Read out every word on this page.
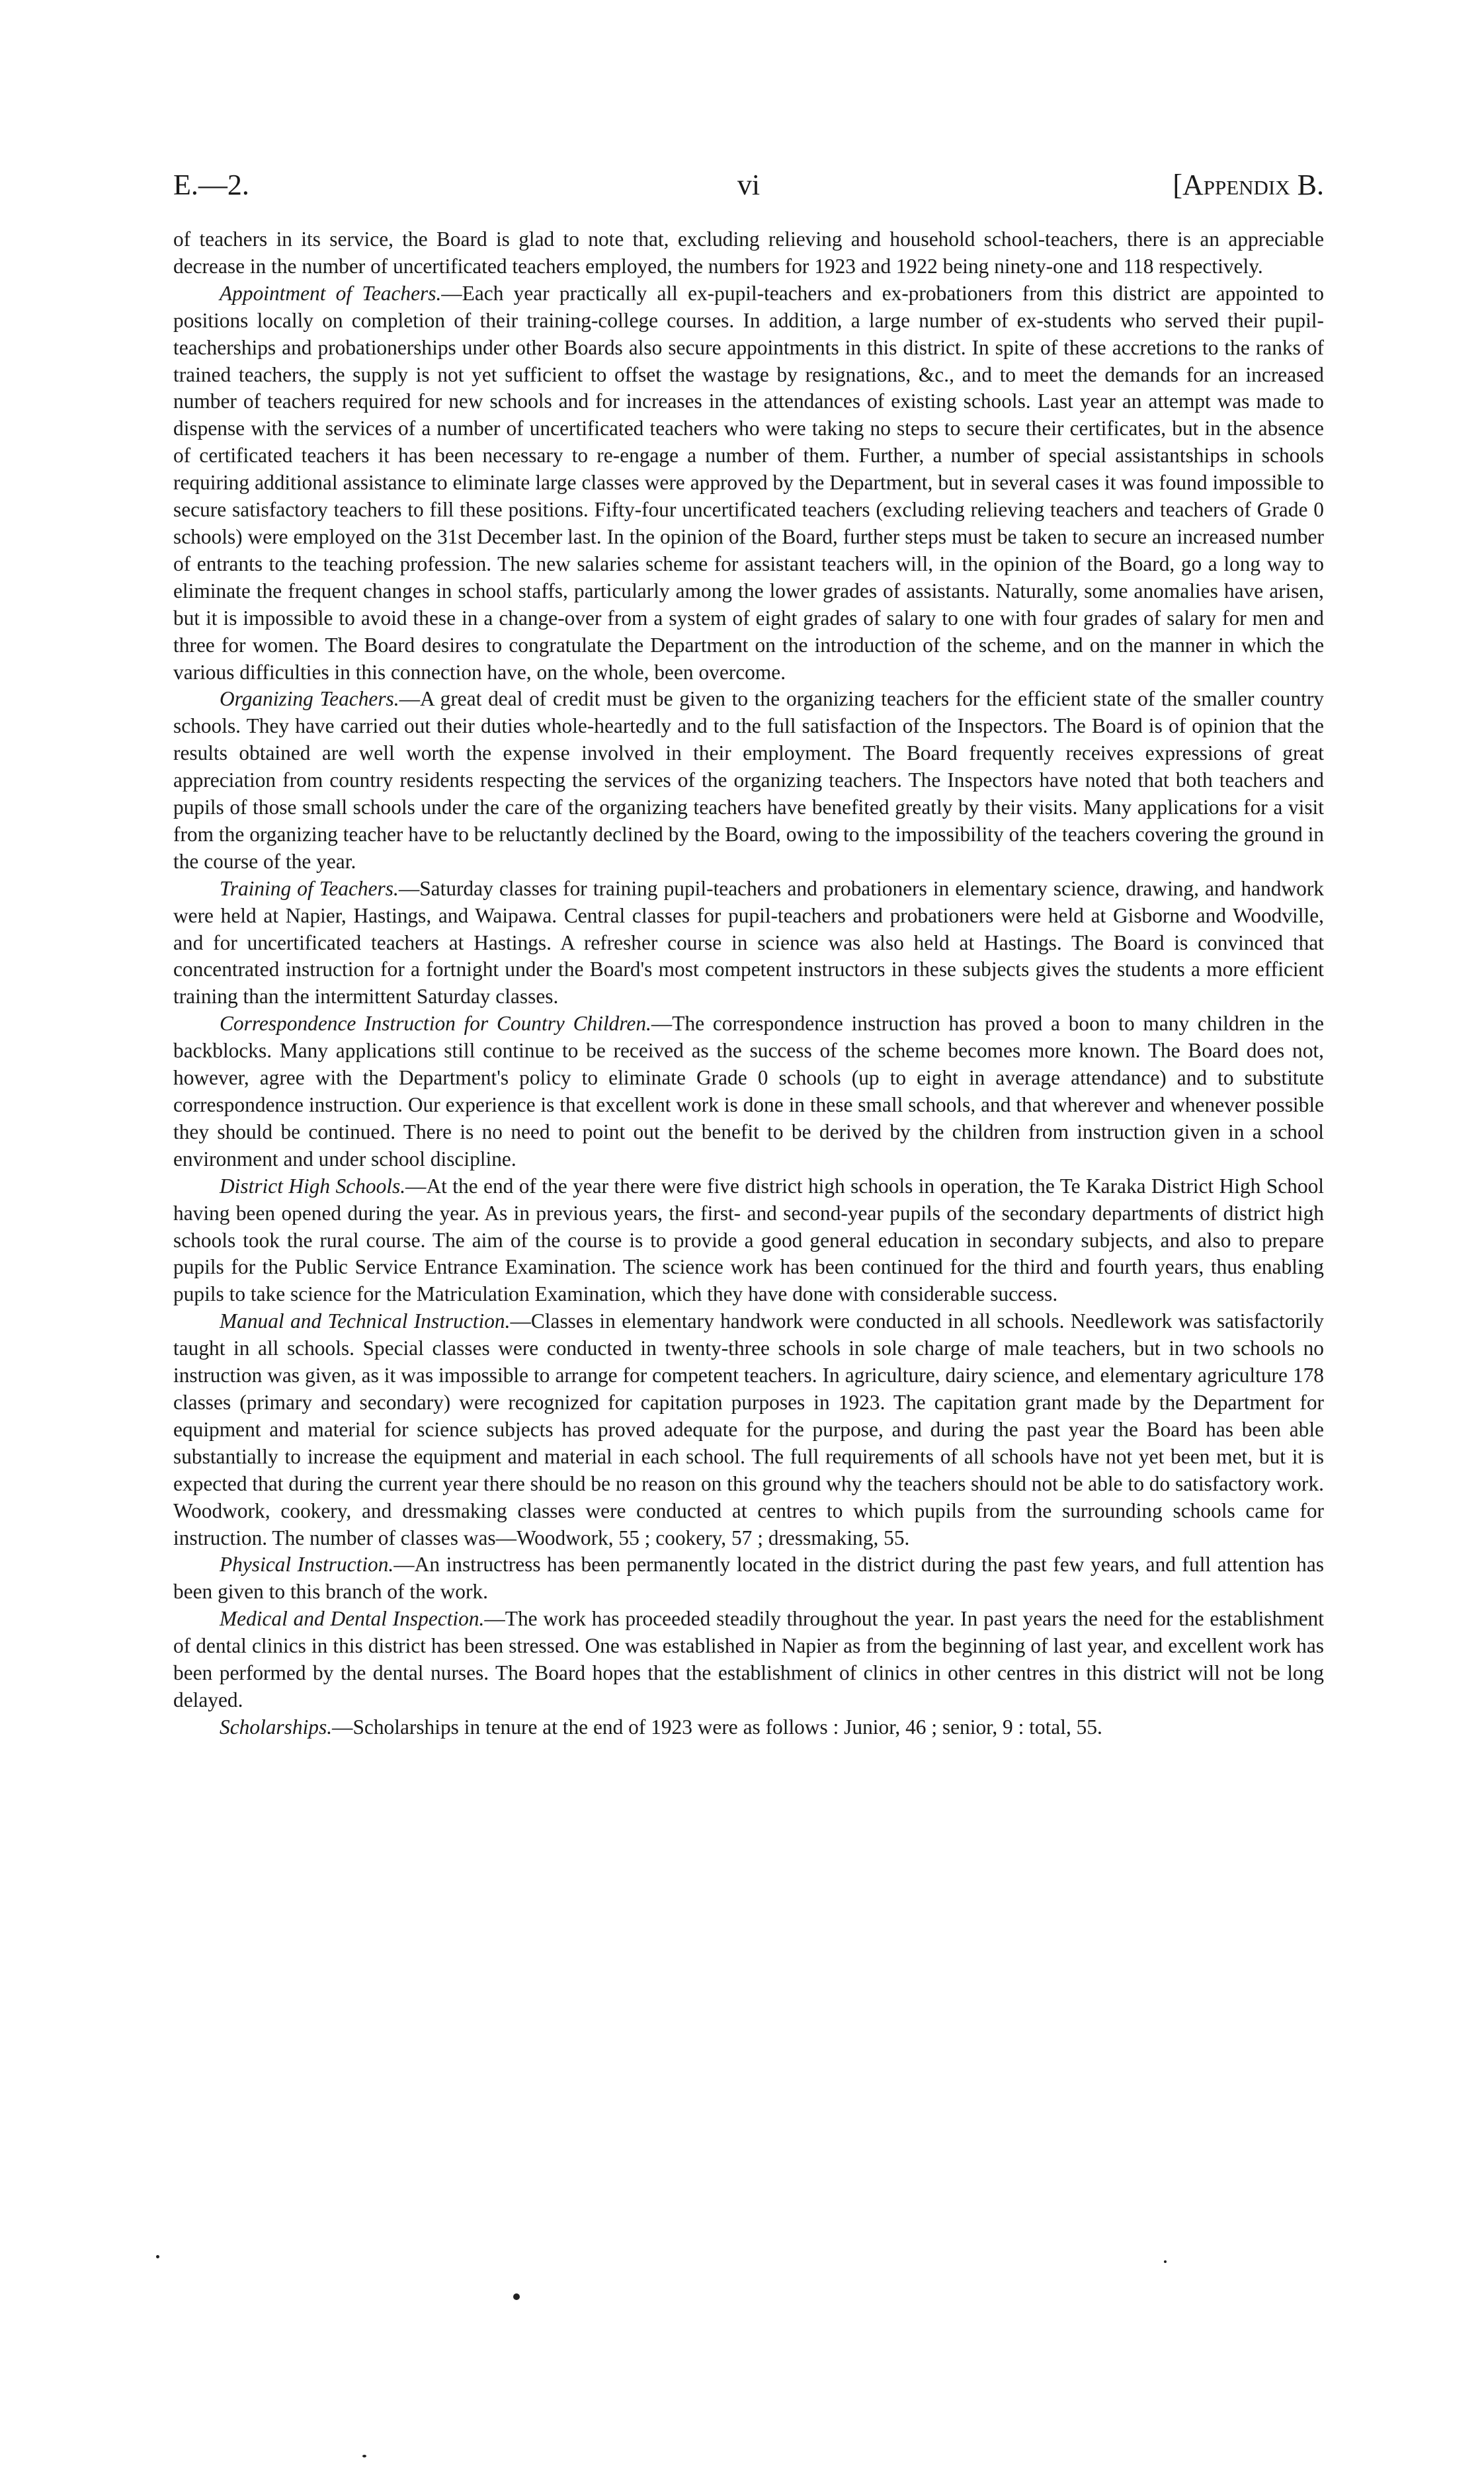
E.—2.	vi	[Appendix B.

of teachers in its service, the Board is glad to note that, excluding relieving and household school-teachers, there is an appreciable decrease in the number of uncertificated teachers employed, the numbers for 1923 and 1922 being ninety-one and 118 respectively.

Appointment of Teachers.—Each year practically all ex-pupil-teachers and ex-probationers from this district are appointed to positions locally on completion of their training-college courses. In addition, a large number of ex-students who served their pupil-teacherships and probationerships under other Boards also secure appointments in this district. In spite of these accretions to the ranks of trained teachers, the supply is not yet sufficient to offset the wastage by resignations, &c., and to meet the demands for an increased number of teachers required for new schools and for increases in the attendances of existing schools. Last year an attempt was made to dispense with the services of a number of uncertificated teachers who were taking no steps to secure their certificates, but in the absence of certificated teachers it has been necessary to re-engage a number of them. Further, a number of special assistantships in schools requiring additional assistance to eliminate large classes were approved by the Department, but in several cases it was found impossible to secure satisfactory teachers to fill these positions. Fifty-four uncertificated teachers (excluding relieving teachers and teachers of Grade 0 schools) were employed on the 31st December last. In the opinion of the Board, further steps must be taken to secure an increased number of entrants to the teaching profession. The new salaries scheme for assistant teachers will, in the opinion of the Board, go a long way to eliminate the frequent changes in school staffs, particularly among the lower grades of assistants. Naturally, some anomalies have arisen, but it is impossible to avoid these in a change-over from a system of eight grades of salary to one with four grades of salary for men and three for women. The Board desires to congratulate the Department on the introduction of the scheme, and on the manner in which the various difficulties in this connection have, on the whole, been overcome.

Organizing Teachers.—A great deal of credit must be given to the organizing teachers for the efficient state of the smaller country schools. They have carried out their duties whole-heartedly and to the full satisfaction of the Inspectors. The Board is of opinion that the results obtained are well worth the expense involved in their employment. The Board frequently receives expressions of great appreciation from country residents respecting the services of the organizing teachers. The Inspectors have noted that both teachers and pupils of those small schools under the care of the organizing teachers have benefited greatly by their visits. Many applications for a visit from the organizing teacher have to be reluctantly declined by the Board, owing to the impossibility of the teachers covering the ground in the course of the year.

Training of Teachers.—Saturday classes for training pupil-teachers and probationers in elementary science, drawing, and handwork were held at Napier, Hastings, and Waipawa. Central classes for pupil-teachers and probationers were held at Gisborne and Woodville, and for uncertificated teachers at Hastings. A refresher course in science was also held at Hastings. The Board is convinced that concentrated instruction for a fortnight under the Board's most competent instructors in these subjects gives the students a more efficient training than the intermittent Saturday classes.

Correspondence Instruction for Country Children.—The correspondence instruction has proved a boon to many children in the backblocks. Many applications still continue to be received as the success of the scheme becomes more known. The Board does not, however, agree with the Department's policy to eliminate Grade 0 schools (up to eight in average attendance) and to substitute correspondence instruction. Our experience is that excellent work is done in these small schools, and that wherever and whenever possible they should be continued. There is no need to point out the benefit to be derived by the children from instruction given in a school environment and under school discipline.

District High Schools.—At the end of the year there were five district high schools in operation, the Te Karaka District High School having been opened during the year. As in previous years, the first- and second-year pupils of the secondary departments of district high schools took the rural course. The aim of the course is to provide a good general education in secondary subjects, and also to prepare pupils for the Public Service Entrance Examination. The science work has been continued for the third and fourth years, thus enabling pupils to take science for the Matriculation Examination, which they have done with considerable success.

Manual and Technical Instruction.—Classes in elementary handwork were conducted in all schools. Needlework was satisfactorily taught in all schools. Special classes were conducted in twenty-three schools in sole charge of male teachers, but in two schools no instruction was given, as it was impossible to arrange for competent teachers. In agriculture, dairy science, and elementary agriculture 178 classes (primary and secondary) were recognized for capitation purposes in 1923. The capitation grant made by the Department for equipment and material for science subjects has proved adequate for the purpose, and during the past year the Board has been able substantially to increase the equipment and material in each school. The full requirements of all schools have not yet been met, but it is expected that during the current year there should be no reason on this ground why the teachers should not be able to do satisfactory work. Woodwork, cookery, and dressmaking classes were conducted at centres to which pupils from the surrounding schools came for instruction. The number of classes was—Woodwork, 55 ; cookery, 57 ; dressmaking, 55.

Physical Instruction.—An instructress has been permanently located in the district during the past few years, and full attention has been given to this branch of the work.

Medical and Dental Inspection.—The work has proceeded steadily throughout the year. In past years the need for the establishment of dental clinics in this district has been stressed. One was established in Napier as from the beginning of last year, and excellent work has been performed by the dental nurses. The Board hopes that the establishment of clinics in other centres in this district will not be long delayed.

Scholarships.—Scholarships in tenure at the end of 1923 were as follows : Junior, 46 ; senior, 9 : total, 55.
